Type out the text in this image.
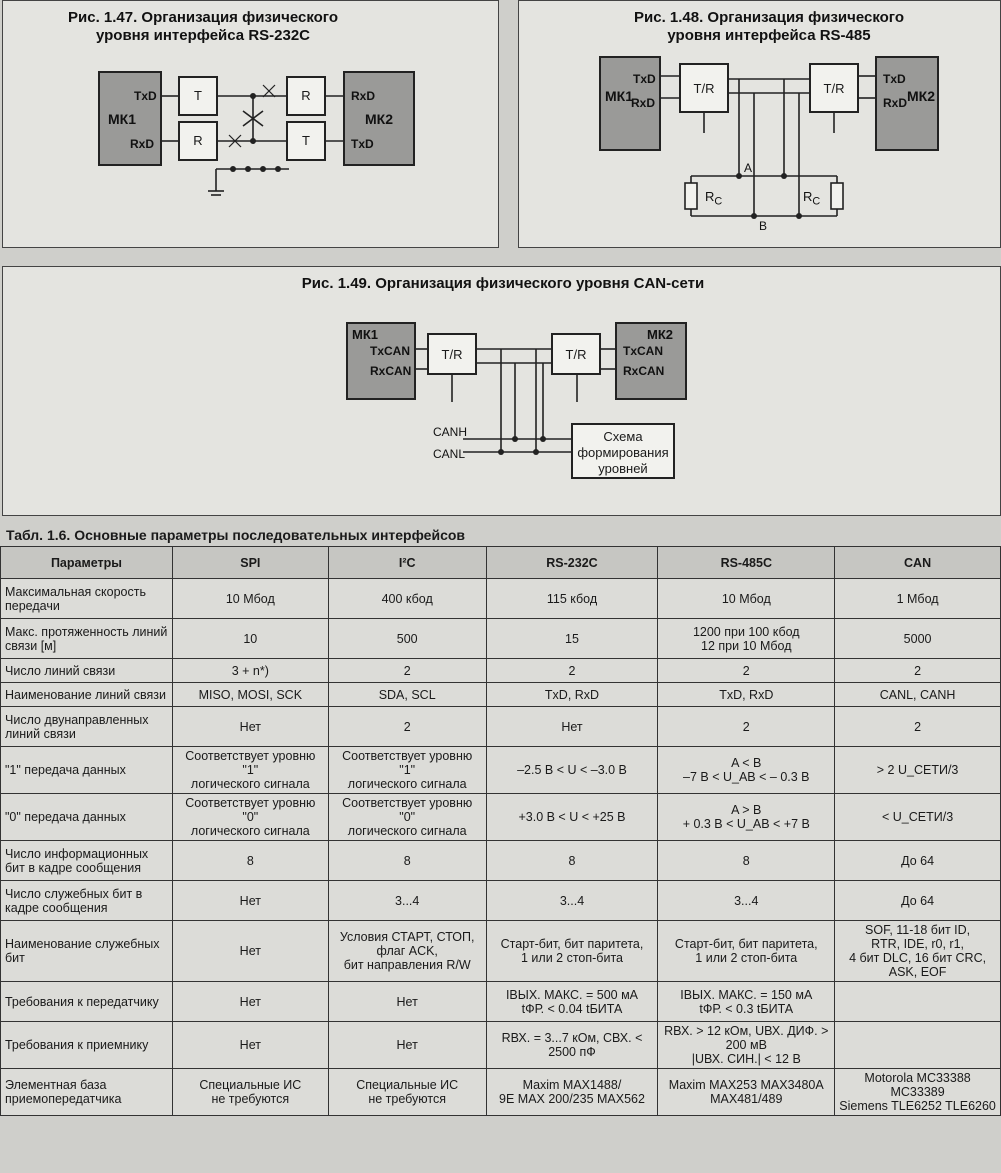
Рис. 1.47. Организация физического
уровня интерфейса RS-232C
TxD
МК1
RxD
T
R
R
T
RxD
МК2
TxD
Рис. 1.48. Организация физического
уровня интерфейса RS-485
TxD
МК1
RxD
T/R	T/R
TxD
МК2
RxD
A
B
$R_C$	$R_C$
Рис. 1.49. Организация физического уровня CAN-сети
МК1
TxCAN
RxCAN
T/R	T/R
МК2
TxCAN
RxCAN
CANH
CANL
Схема
формирования
уровней
Табл. 1.6. Основные параметры последовательных интерфейсов
Параметры	SPI	I²C	RS-232C	RS-485C	CAN
Максимальная скорость передачи	10 Мбод	400 кбод	115 кбод	10 Мбод	1 Мбод
Макс. протяженность линий связи [м]	10	500	15	1200 при 100 кбод
12 при 10 Мбод	5000
Число линий связи	3 + n*)	2	2	2	2
Наименование линий связи	MISO, MOSI, SCK	SDA, SCL	TxD, RxD	TxD, RxD	CANL, CANH
Число двунаправленных линий связи	Нет	2	Нет	2	2
"1" передача данных	Соответствует уровню "1"
логического сигнала	Соответствует уровню "1"
логического сигнала	–2.5 В < U < –3.0 В	A < B
–7 В < U_AB < – 0.3 В	> 2 U_СЕТИ/3
"0" передача данных	Соответствует уровню "0"
логического сигнала	Соответствует уровню "0"
логического сигнала	+3.0 В < U < +25 В	A > B
+ 0.3 В < U_AB < +7 В	< U_СЕТИ/3
Число информационных бит в кадре сообщения	8	8	8	8	До 64
Число служебных бит в кадре сообщения	Нет	3...4	3...4	3...4	До 64
Наименование служебных бит	Нет	Условия СТАРТ, СТОП,
флаг ACK,
бит направления R/W	Старт-бит, бит паритета,
1 или 2 стоп-бита	Старт-бит, бит паритета,
1 или 2 стоп-бита	SOF, 11-18 бит ID,
RTR, IDE, r0, r1,
4 бит DLC, 16 бит CRC,
ASK, EOF
Требования к передатчику	Нет	Нет	IВЫХ. МАКС. = 500 мА
tФР. < 0.04 tБИТА	IВЫХ. МАКС. = 150 мА
tФР. < 0.3 tБИТА	
Требования к приемнику	Нет	Нет	RВХ. = 3...7 кОм, CВХ. < 2500 пФ	RВХ. > 12 кОм, UВХ. ДИФ. > 200 мВ
|UВХ. СИН.| < 12 В	
Элементная база приемопередатчика	Специальные ИС
не требуются	Специальные ИС
не требуются	Maxim MAX1488/
9E MAX 200/235 MAX562	Maxim MAX253 MAX3480A
MAX481/489	Motorola MC33388 MC33389
Siemens TLE6252 TLE6260
